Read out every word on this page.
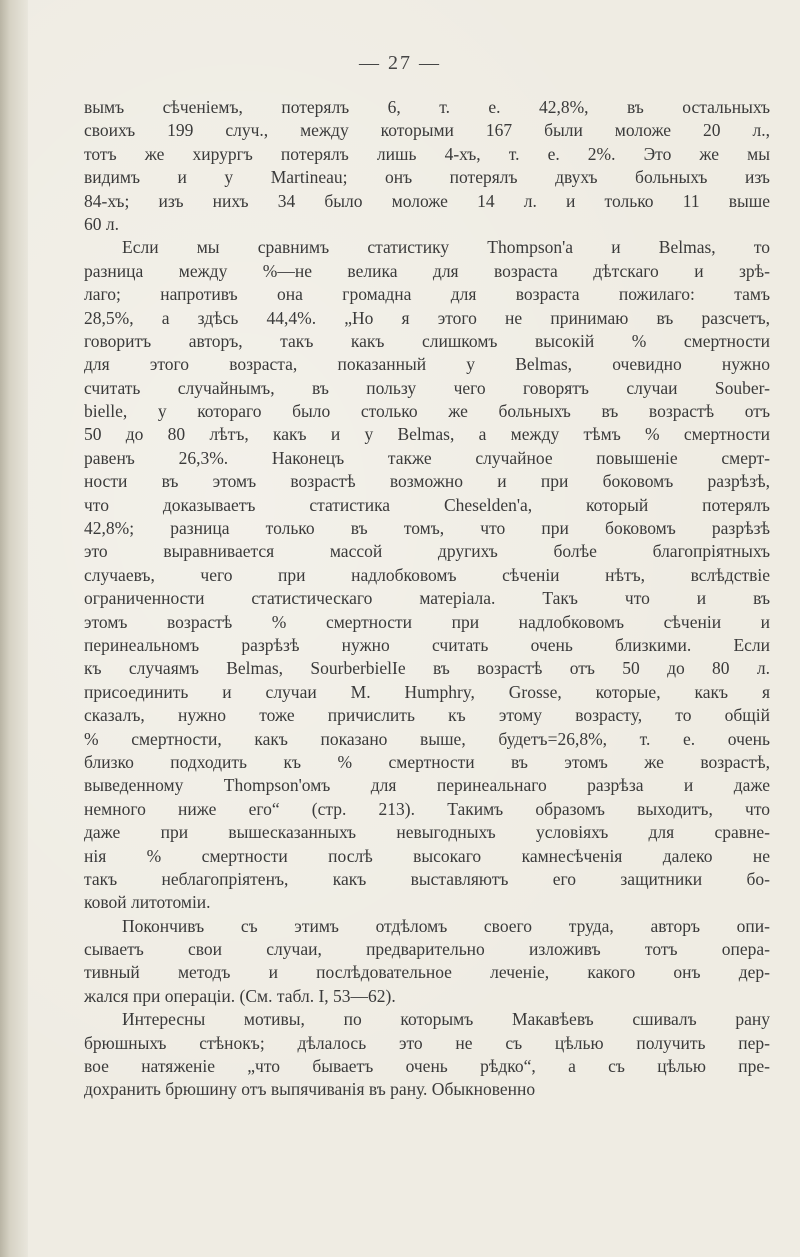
— 27 —
вымъ сѣченіемъ, потерялъ 6, т. е. 42,8%, въ остальныхъ
своихъ 199 случ., между которыми 167 были моложе 20 л.,
тотъ же хирургъ потерялъ лишь 4-хъ, т. е. 2%. Это же мы
видимъ и у Martineau; онъ потерялъ двухъ больныхъ изъ
84-хъ; изъ нихъ 34 было моложе 14 л. и только 11 выше
60 л.
Если мы сравнимъ статистику Thompson'а и Belmas, то
разница между %—не велика для возраста дѣтскаго и зрѣ-
лаго; напротивъ она громадна для возраста пожилаго: тамъ
28,5%, а здѣсь 44,4%. „Но я этого не принимаю въ разсчетъ,
говоритъ авторъ, такъ какъ слишкомъ высокій % смертности
для этого возраста, показанный у Belmas, очевидно нужно
считать случайнымъ, въ пользу чего говорятъ случаи Souber-
bielle, у котораго было столько же больныхъ въ возрастѣ отъ
50 до 80 лѣтъ, какъ и у Belmas, а между тѣмъ % смертности
равенъ 26,3%. Наконецъ также случайное повышеніе смерт-
ности въ этомъ возрастѣ возможно и при боковомъ разрѣзѣ,
что доказываетъ статистика Cheselden'а, который потерялъ
42,8%; разница только въ томъ, что при боковомъ разрѣзѣ
это выравнивается массой другихъ болѣе благопріятныхъ
случаевъ, чего при надлобковомъ сѣченіи нѣтъ, вслѣдствіе
ограниченности статистическаго матеріала. Такъ что и въ
этомъ возрастѣ % смертности при надлобковомъ сѣченіи и
перинеальномъ разрѣзѣ нужно считать очень близкими. Если
къ случаямъ Belmas, SourberbielIe въ возрастѣ отъ 50 до 80 л.
присоединить и случаи M. Humphry, Grosse, которые, какъ я
сказалъ, нужно тоже причислить къ этому возрасту, то общій
% смертности, какъ показано выше, будетъ=26,8%, т. е. очень
близко подходить къ % смертности въ этомъ же возрастѣ,
выведенному Thompson'омъ для перинеальнаго разрѣза и даже
немного ниже его“ (стр. 213). Такимъ образомъ выходитъ, что
даже при вышесказанныхъ невыгодныхъ условіяхъ для сравне-
нія % смертности послѣ высокаго камнесѣченія далеко не
такъ неблагопріятенъ, какъ выставляютъ его защитники бо-
ковой литотоміи.
Покончивъ съ этимъ отдѣломъ своего труда, авторъ опи-
сываетъ свои случаи, предварительно изложивъ тотъ опера-
тивный методъ и послѣдовательное леченіе, какого онъ дер-
жался при операціи. (См. табл. I, 53—62).
Интересны мотивы, по которымъ Макавѣевъ сшивалъ рану
брюшныхъ стѣнокъ; дѣлалось это не съ цѣлью получить пер-
вое натяженіе „что бываетъ очень рѣдко“, а съ цѣлью пре-
дохранить брюшину отъ выпячиванія въ рану. Обыкновенно
